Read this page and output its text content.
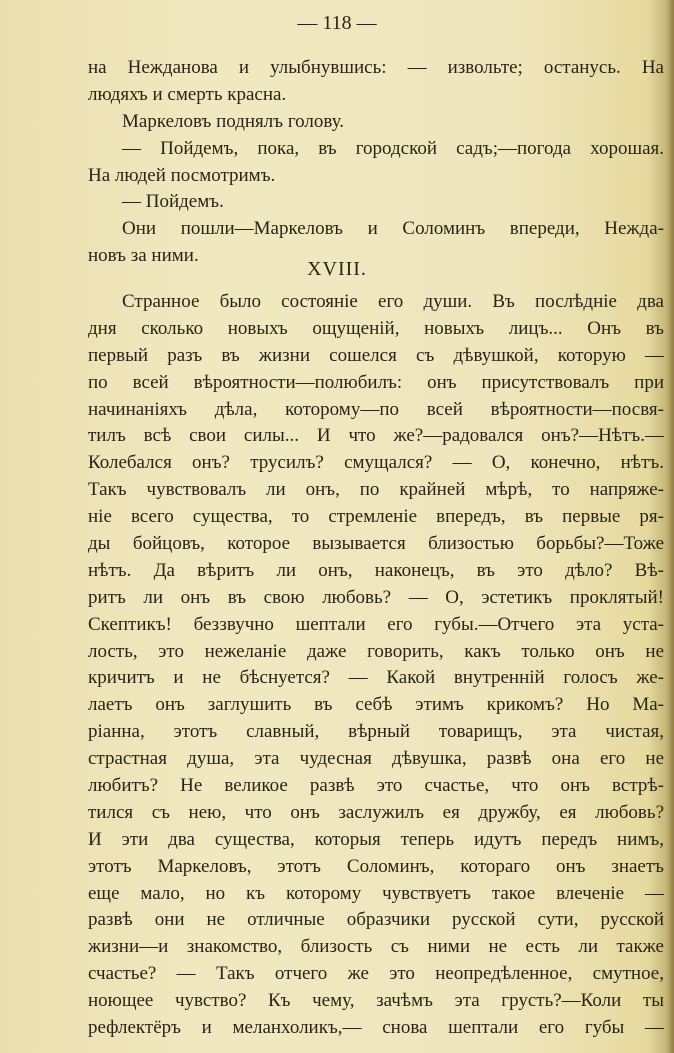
— 118 —
на Нежданова и улыбнувшись: — извольте; останусь. На
людяхъ и смерть красна.
Маркеловъ поднялъ голову.
— Пойдемъ, пока, въ городской садъ;—погода хорошая.
На людей посмотримъ.
— Пойдемъ.
Они пошли—Маркеловъ и Соломинъ впереди, Нежда-
новъ за ними.
XVIII.
Странное было состояніе его души. Въ послѣдніе два
дня сколько новыхъ ощущеній, новыхъ лицъ... Онъ въ
первый разъ въ жизни сошелся съ дѣвушкой, которую —
по всей вѣроятности—полюбилъ: онъ присутствовалъ при
начинаніяхъ дѣла, которому—по всей вѣроятности—посвя-
тилъ всѣ свои силы... И что же?—радовался онъ?—Нѣтъ.—
Колебался онъ? трусилъ? смущался? — О, конечно, нѣтъ.
Такъ чувствовалъ ли онъ, по крайней мѣрѣ, то напряже-
ніе всего существа, то стремленіе впередъ, въ первые ря-
ды бойцовъ, которое вызывается близостью борьбы?—Тоже
нѣтъ. Да вѣритъ ли онъ, наконецъ, въ это дѣло? Вѣ-
ритъ ли онъ въ свою любовь? — О, эстетикъ проклятый!
Скептикъ! беззвучно шептали его губы.—Отчего эта уста-
лость, это нежеланіе даже говорить, какъ только онъ не
кричитъ и не бѣснуется? — Какой внутренній голосъ же-
лаетъ онъ заглушить въ себѣ этимъ крикомъ? Но Ма-
ріанна, этотъ славный, вѣрный товарищъ, эта чистая,
страстная душа, эта чудесная дѣвушка, развѣ она его не
любитъ? Не великое развѣ это счастье, что онъ встрѣ-
тился съ нею, что онъ заслужилъ ея дружбу, ея любовь?
И эти два существа, которыя теперь идутъ передъ нимъ,
этотъ Маркеловъ, этотъ Соломинъ, котораго онъ знаетъ
еще мало, но къ которому чувствуетъ такое влеченіе —
развѣ они не отличные образчики русской сути, русской
жизни—и знакомство, близость съ ними не есть ли также
счастье? — Такъ отчего же это неопредѣленное, смутное,
ноющее чувство? Къ чему, зачѣмъ эта грусть?—Коли ты
рефлектёръ и меланхоликъ,— снова шептали его губы —
